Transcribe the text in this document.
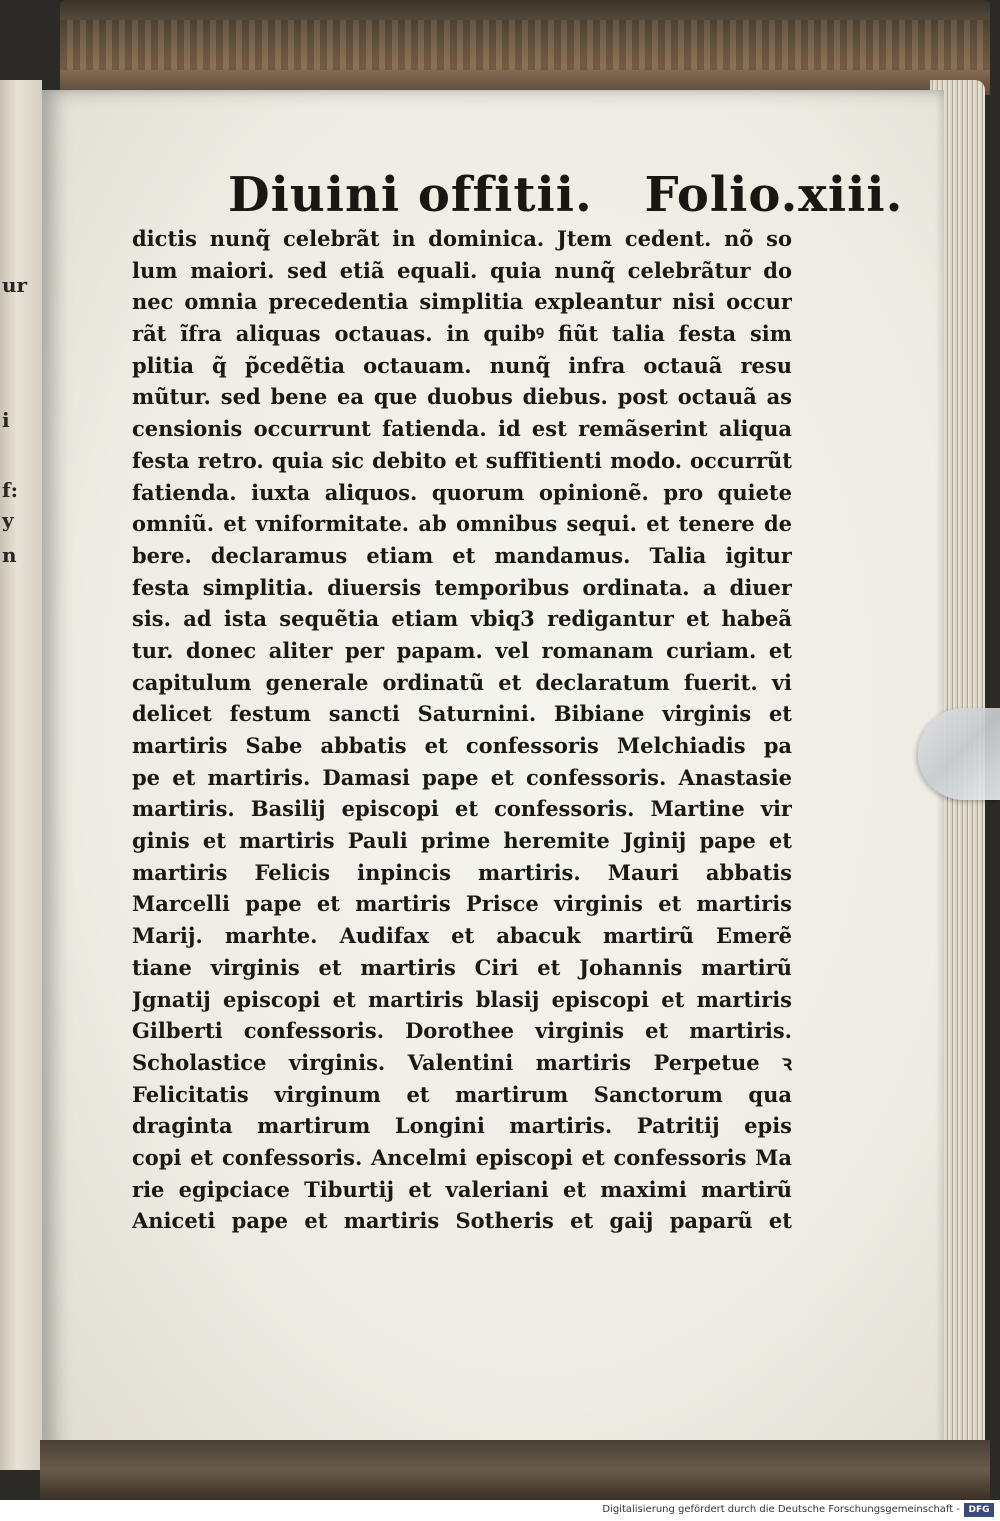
ur
i
f:
y
n
Diuini offitii. Folio.xiii.
dictis nunq̃ celebrãt in dominica. Jtem cedent. nõ so
lum maiori. sed etiã equali. quia nunq̃ celebrãtur do
nec omnia precedentia simplitia expleantur nisi occur
rãt ĩfra aliquas octauas. in quibꝰ fiũt talia festa sim
plitia q̃ p̃cedẽtia octauam. nunq̃ infra octauã resu
mũtur. sed bene ea que duobus diebus. post octauã as
censionis occurrunt fatienda. id est remãserint aliqua
festa retro. quia sic debito et suffitienti modo. occurrũt
fatienda. iuxta aliquos. quorum opinionẽ. pro quiete
omniũ. et vniformitate. ab omnibus sequi. et tenere de
bere. declaramus etiam et mandamus. Talia igitur
festa simplitia. diuersis temporibus ordinata. a diuer
sis. ad ista sequẽtia etiam vbiq3 redigantur et habeã
tur. donec aliter per papam. vel romanam curiam. et
capitulum generale ordinatũ et declaratum fuerit. vi
delicet festum sancti Saturnini. Bibiane virginis et
martiris Sabe abbatis et confessoris Melchiadis pa
pe et martiris. Damasi pape et confessoris. Anastasie
martiris. Basilij episcopi et confessoris. Martine vir
ginis et martiris Pauli prime heremite Jginij pape et
martiris Felicis inpincis martiris. Mauri abbatis
Marcelli pape et martiris Prisce virginis et martiris
Marij. marhte. Audifax et abacuk martirũ Emerẽ
tiane virginis et martiris Ciri et Johannis martirũ
Jgnatij episcopi et martiris blasij episcopi et martiris
Gilberti confessoris. Dorothee virginis et martiris.
Scholastice virginis. Valentini martiris Perpetue ꝛ
Felicitatis virginum et martirum Sanctorum qua
draginta martirum Longini martiris. Patritij epis
copi et confessoris. Ancelmi episcopi et confessoris Ma
rie egipciace Tiburtij et valeriani et maximi martirũ
Aniceti pape et martiris Sotheris et gaij paparũ et
Digitalisierung gefördert durch die Deutsche Forschungsgemeinschaft - DFG
